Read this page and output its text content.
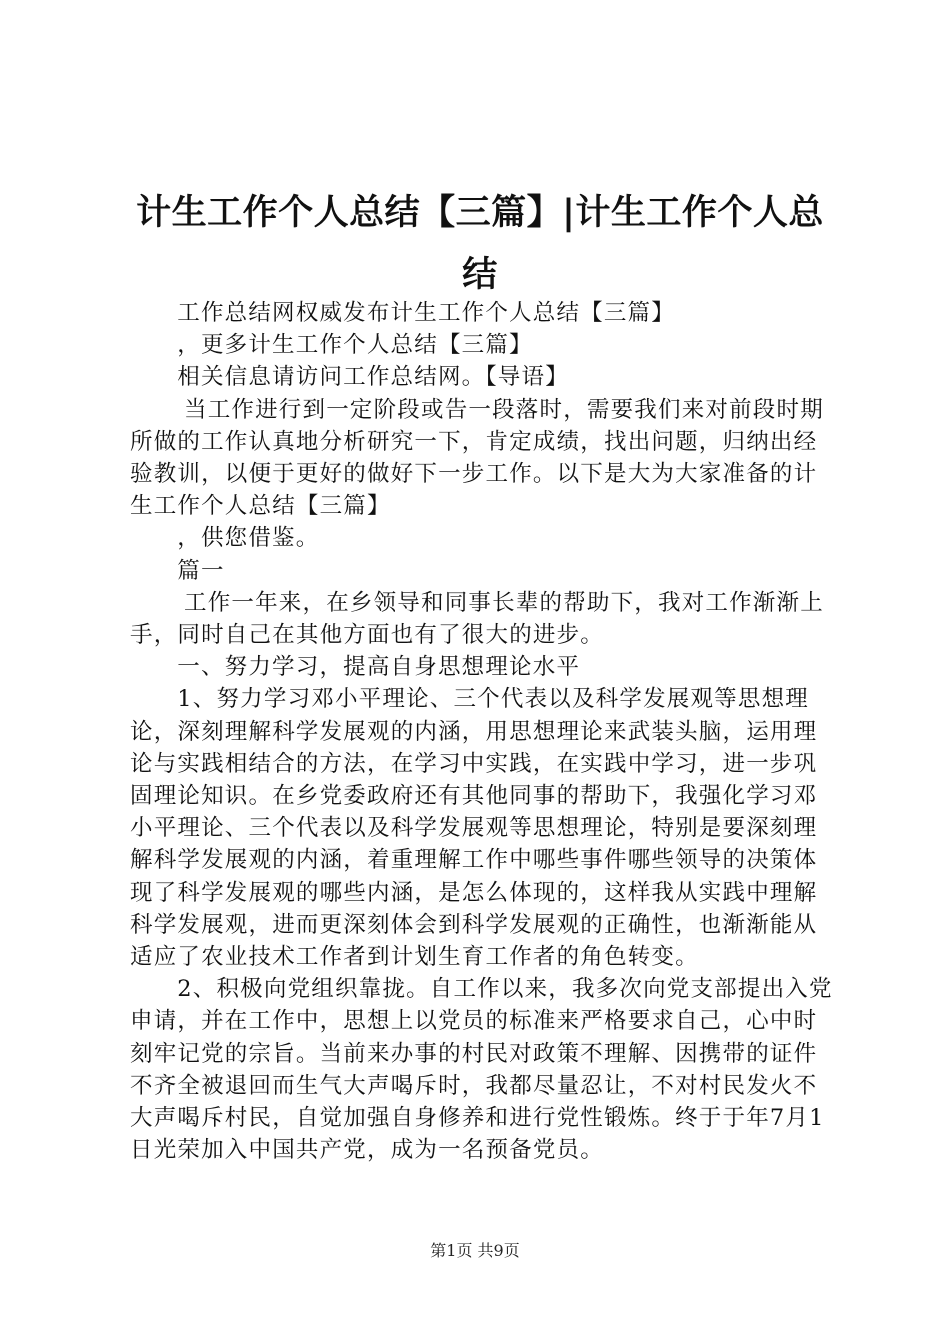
计生工作个人总结【三篇】|计生工作个人总结

工作总结网权威发布计生工作个人总结【三篇】

，更多计生工作个人总结【三篇】

相关信息请访问工作总结网。【导语】

当工作进行到一定阶段或告一段落时，需要我们来对前段时期所做的工作认真地分析研究一下，肯定成绩，找出问题，归纳出经验教训，以便于更好的做好下一步工作。以下是大为大家准备的计生工作个人总结【三篇】

，供您借鉴。

篇一

工作一年来，在乡领导和同事长辈的帮助下，我对工作渐渐上手，同时自己在其他方面也有了很大的进步。

一、努力学习，提高自身思想理论水平

1、努力学习邓小平理论、三个代表以及科学发展观等思想理论，深刻理解科学发展观的内涵，用思想理论来武装头脑，运用理论与实践相结合的方法，在学习中实践，在实践中学习，进一步巩固理论知识。在乡党委政府还有其他同事的帮助下，我强化学习邓小平理论、三个代表以及科学发展观等思想理论，特别是要深刻理解科学发展观的内涵，着重理解工作中哪些事件哪些领导的决策体现了科学发展观的哪些内涵，是怎么体现的，这样我从实践中理解科学发展观，进而更深刻体会到科学发展观的正确性，也渐渐能从适应了农业技术工作者到计划生育工作者的角色转变。

2、积极向党组织靠拢。自工作以来，我多次向党支部提出入党申请，并在工作中，思想上以党员的标准来严格要求自己，心中时刻牢记党的宗旨。当前来办事的村民对政策不理解、因携带的证件不齐全被退回而生气大声喝斥时，我都尽量忍让，不对村民发火不大声喝斥村民，自觉加强自身修养和进行党性锻炼。终于于年7月1日光荣加入中国共产党，成为一名预备党员。

第1页 共9页
